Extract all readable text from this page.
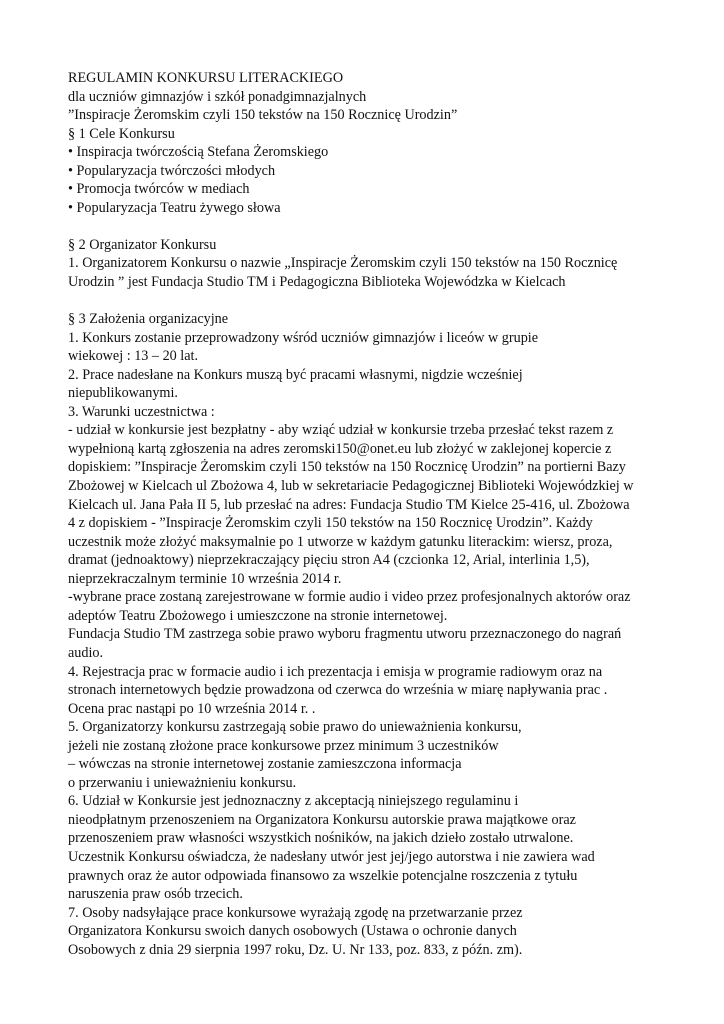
REGULAMIN KONKURSU LITERACKIEGO
dla uczniów gimnazjów i szkół ponadgimnazjalnych
”Inspiracje Żeromskim czyli 150 tekstów na 150 Rocznicę Urodzin”
§ 1 Cele Konkursu
• Inspiracja twórczością Stefana Żeromskiego
• Popularyzacja twórczości młodych
• Promocja twórców w mediach
• Popularyzacja Teatru żywego słowa
§ 2 Organizator Konkursu
1. Organizatorem Konkursu o nazwie „Inspiracje Żeromskim czyli 150 tekstów na 150 Rocznicę
Urodzin ” jest Fundacja Studio TM i Pedagogiczna Biblioteka Wojewódzka w Kielcach
§ 3 Założenia organizacyjne
1. Konkurs zostanie przeprowadzony wśród uczniów gimnazjów i liceów w grupie
wiekowej : 13 – 20 lat.
2. Prace nadesłane na Konkurs muszą być pracami własnymi, nigdzie wcześniej
niepublikowanymi.
3. Warunki uczestnictwa :
- udział w konkursie jest bezpłatny - aby wziąć udział w konkursie trzeba przesłać tekst razem z
wypełnioną kartą zgłoszenia na adres zeromski150@onet.eu lub złożyć w zaklejonej kopercie z
dopiskiem: ”Inspiracje Żeromskim czyli 150 tekstów na 150 Rocznicę Urodzin” na portierni Bazy
Zbożowej w Kielcach ul Zbożowa 4, lub w sekretariacie Pedagogicznej Biblioteki Wojewódzkiej w
Kielcach ul. Jana Pała II 5, lub przesłać na adres: Fundacja Studio TM Kielce 25-416, ul. Zbożowa
4 z dopiskiem - ”Inspiracje Żeromskim czyli 150 tekstów na 150 Rocznicę Urodzin”. Każdy
uczestnik może złożyć maksymalnie po 1 utworze w każdym gatunku literackim: wiersz, proza,
dramat (jednoaktowy) nieprzekraczający pięciu stron A4 (czcionka 12, Arial, interlinia 1,5),
nieprzekraczalnym terminie 10 września 2014 r.
-wybrane prace zostaną zarejestrowane w formie audio i video przez profesjonalnych aktorów oraz
adeptów Teatru Zbożowego i umieszczone na stronie internetowej.
Fundacja Studio TM zastrzega sobie prawo wyboru fragmentu utworu przeznaczonego do nagrań
audio.
4. Rejestracja prac w formacie audio i ich prezentacja i emisja w programie radiowym oraz na
stronach internetowych będzie prowadzona od czerwca do września w miarę napływania prac .
Ocena prac nastąpi po 10 września 2014 r. .
5. Organizatorzy konkursu zastrzegają sobie prawo do unieważnienia konkursu,
jeżeli nie zostaną złożone prace konkursowe przez minimum 3 uczestników
– wówczas na stronie internetowej zostanie zamieszczona informacja
o przerwaniu i unieważnieniu konkursu.
6. Udział w Konkursie jest jednoznaczny z akceptacją niniejszego regulaminu i
nieodpłatnym przenoszeniem na Organizatora Konkursu autorskie prawa majątkowe oraz
przenoszeniem praw własności wszystkich nośników, na jakich dzieło zostało utrwalone.
Uczestnik Konkursu oświadcza, że nadesłany utwór jest jej/jego autorstwa i nie zawiera wad
prawnych oraz że autor odpowiada finansowo za wszelkie potencjalne roszczenia z tytułu
naruszenia praw osób trzecich.
7. Osoby nadsyłające prace konkursowe wyrażają zgodę na przetwarzanie przez
Organizatora Konkursu swoich danych osobowych (Ustawa o ochronie danych
Osobowych z dnia 29 sierpnia 1997 roku, Dz. U. Nr 133, poz. 833, z późn. zm).
